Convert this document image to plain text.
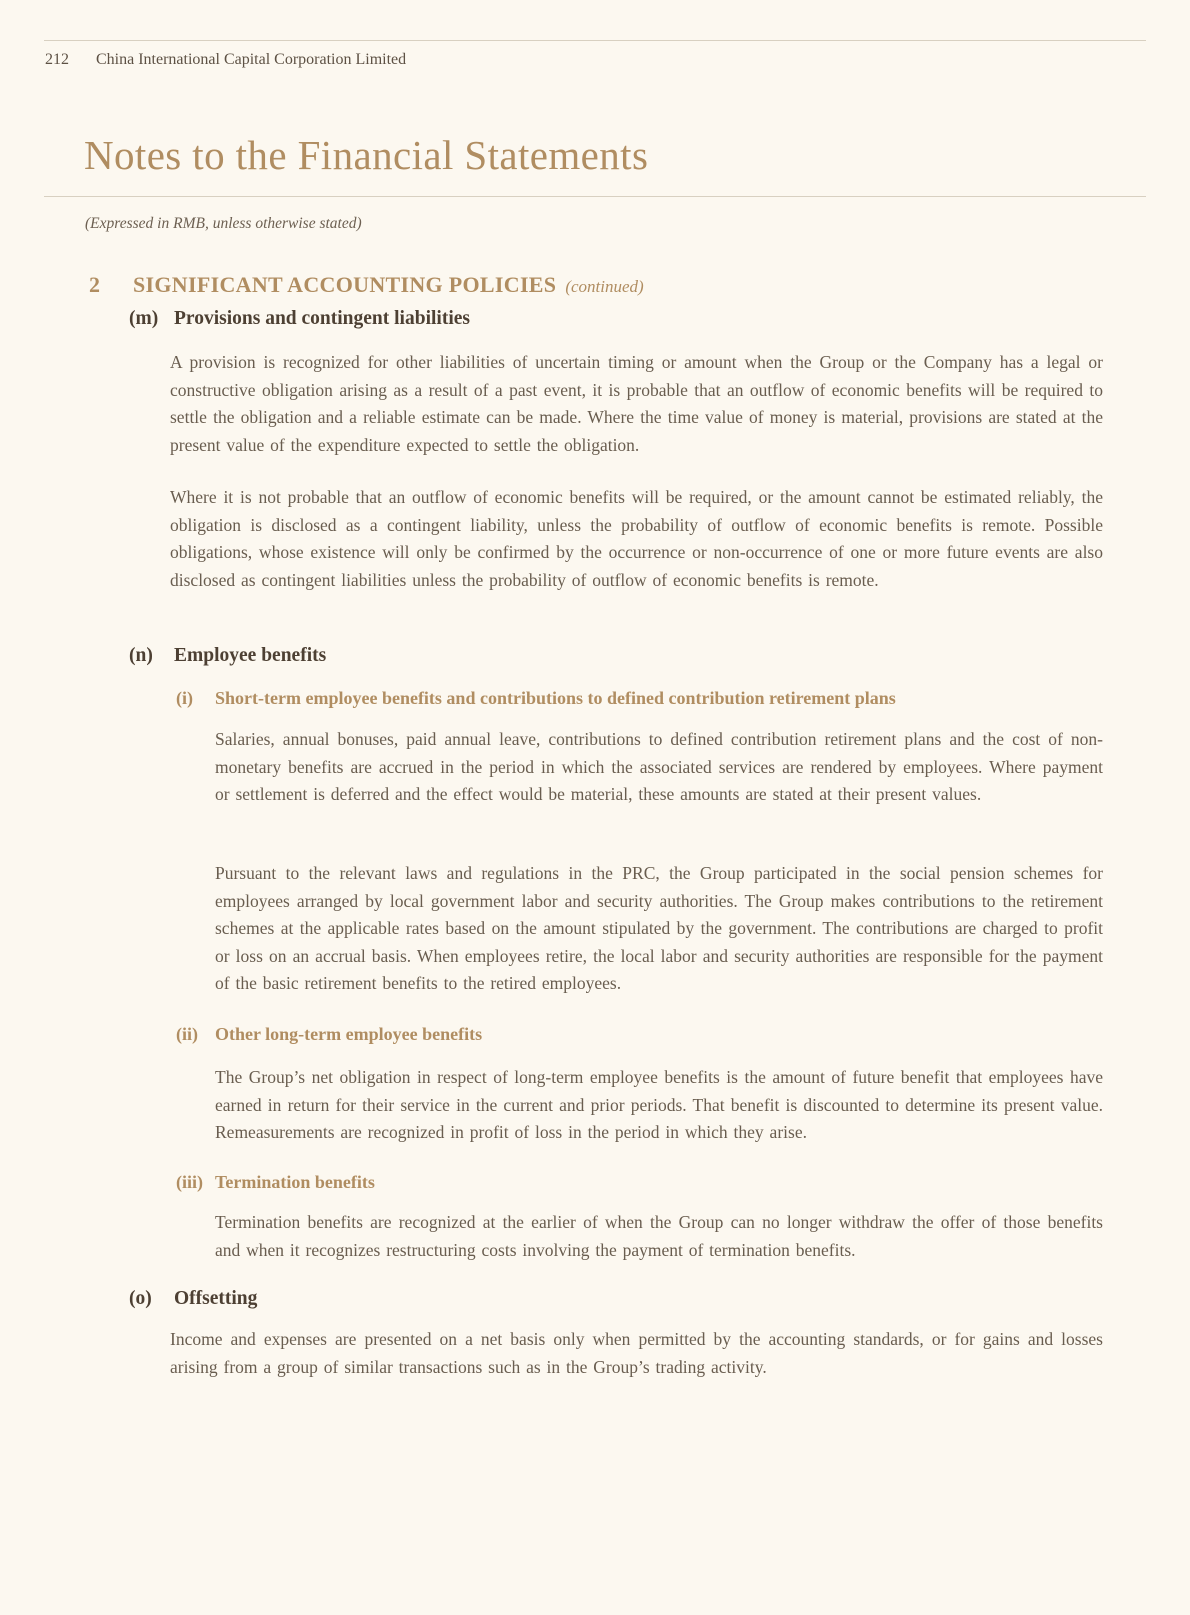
212 China International Capital Corporation Limited
Notes to the Financial Statements
(Expressed in RMB, unless otherwise stated)
2	SIGNIFICANT ACCOUNTING POLICIES (continued)
(m) Provisions and contingent liabilities

A provision is recognized for other liabilities of uncertain timing or amount when the Group or the Company has a legal or constructive obligation arising as a result of a past event, it is probable that an outflow of economic benefits will be required to settle the obligation and a reliable estimate can be made. Where the time value of money is material, provisions are stated at the present value of the expenditure expected to settle the obligation.

Where it is not probable that an outflow of economic benefits will be required, or the amount cannot be estimated reliably, the obligation is disclosed as a contingent liability, unless the probability of outflow of economic benefits is remote. Possible obligations, whose existence will only be confirmed by the occurrence or non-occurrence of one or more future events are also disclosed as contingent liabilities unless the probability of outflow of economic benefits is remote.

(n)	Employee benefits
(i)	Short-term employee benefits and contributions to defined contribution retirement plans

Salaries, annual bonuses, paid annual leave, contributions to defined contribution retirement plans and the cost of non-monetary benefits are accrued in the period in which the associated services are rendered by employees. Where payment or settlement is deferred and the effect would be material, these amounts are stated at their present values.

Pursuant to the relevant laws and regulations in the PRC, the Group participated in the social pension schemes for employees arranged by local government labor and security authorities. The Group makes contributions to the retirement schemes at the applicable rates based on the amount stipulated by the government. The contributions are charged to profit or loss on an accrual basis. When employees retire, the local labor and security authorities are responsible for the payment of the basic retirement benefits to the retired employees.

(ii) Other long-term employee benefits

The Group’s net obligation in respect of long-term employee benefits is the amount of future benefit that employees have earned in return for their service in the current and prior periods. That benefit is discounted to determine its present value. Remeasurements are recognized in profit of loss in the period in which they arise.

(iii) Termination benefits

Termination benefits are recognized at the earlier of when the Group can no longer withdraw the offer of those benefits and when it recognizes restructuring costs involving the payment of termination benefits.

(o)	Offsetting

Income and expenses are presented on a net basis only when permitted by the accounting standards, or for gains and losses arising from a group of similar transactions such as in the Group’s trading activity.
